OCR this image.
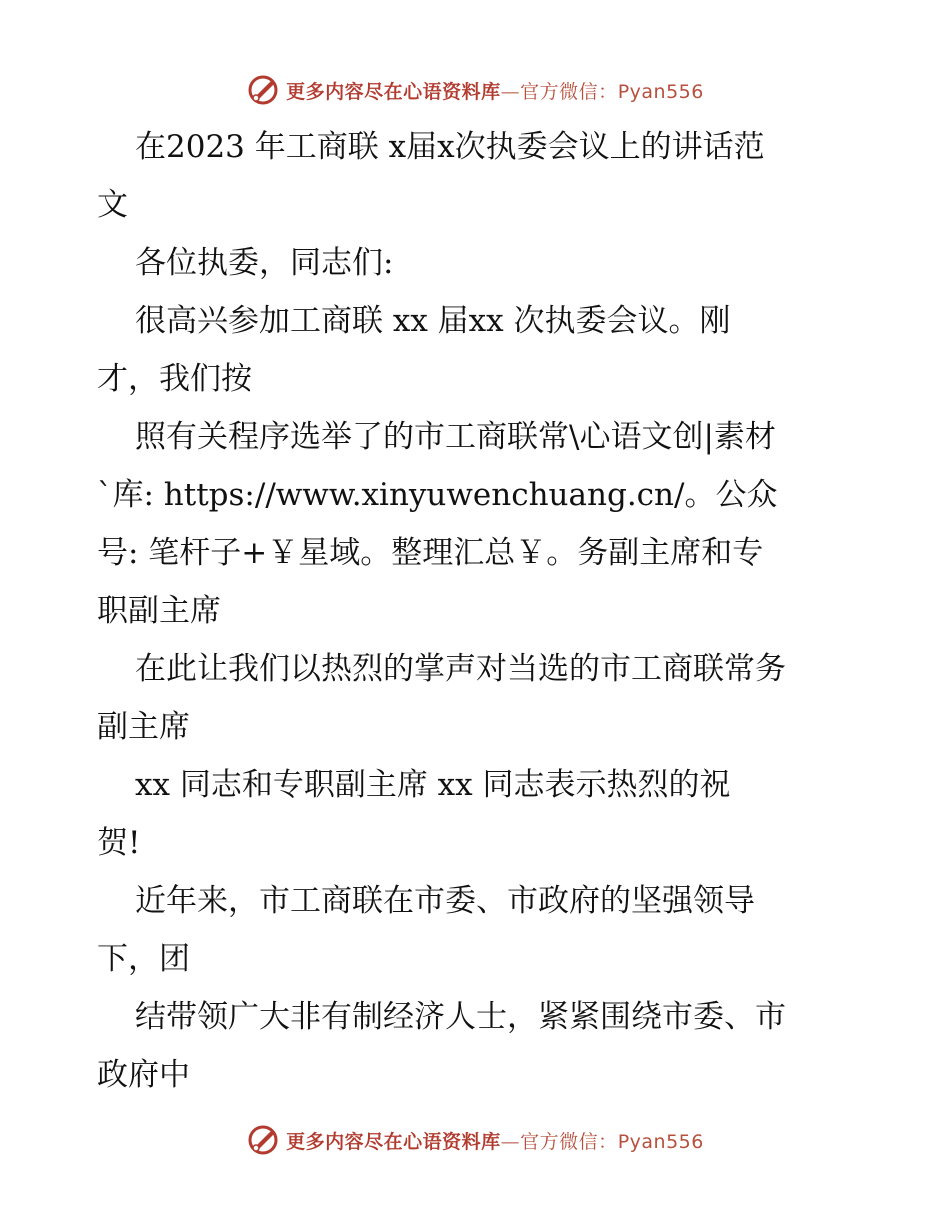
更多内容尽在心语资料库—官方微信：Pyan556
在2023 年工商联 x届x次执委会议上的讲话范
文
各位执委，同志们:
很高兴参加工商联 xx 届xx 次执委会议。刚
才，我们按
照有关程序选举了的市工商联常\心语文创|素材
`库: https://www.xinyuwenchuang.cn/。公众
号: 笔杆子+￥星域。整理汇总￥。务副主席和专
职副主席
在此让我们以热烈的掌声对当选的市工商联常务
副主席
xx 同志和专职副主席 xx 同志表示热烈的祝
贺!
近年来，市工商联在市委、市政府的坚强领导
下，团
结带领广大非有制经济人士，紧紧围绕市委、市
政府中
更多内容尽在心语资料库—官方微信：Pyan556
